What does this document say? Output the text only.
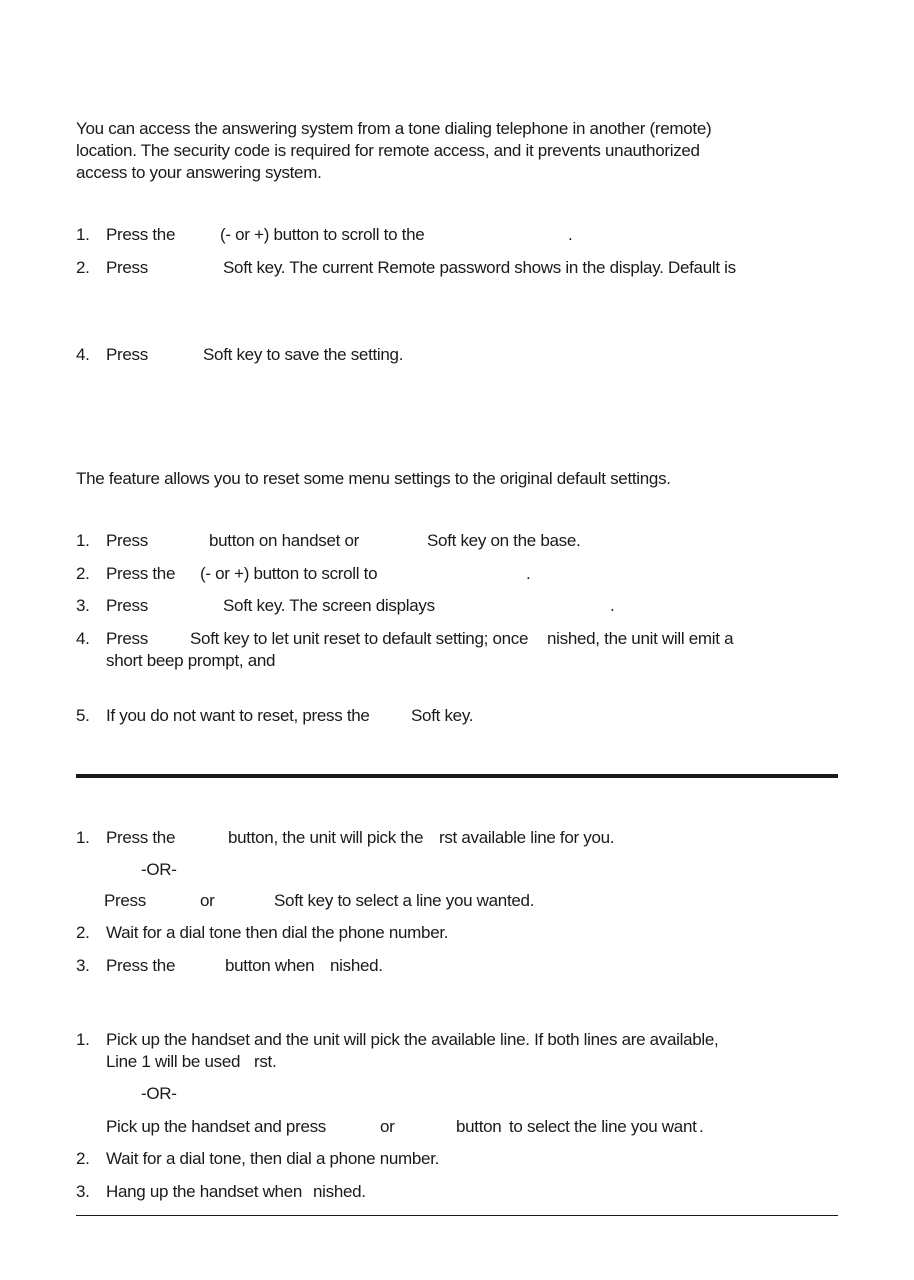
You can access the answering system from a tone dialing telephone in another (remote)
location. The security code is required for remote access, and it prevents unauthorized
access to your answering system.
1. Press the	(- or +) button to scroll to the	.
2. Press	Soft key. The current Remote password shows in the display. Default is
4. Press	Soft key to save the setting.
The feature allows you to reset some menu settings to the original default settings.
1. Press	button on handset or	Soft key on the base.
2. Press the (- or +) button to scroll to	.
3. Press	Soft key. The screen displays	.
4. Press Soft key to let unit reset to default setting; once nished, the unit will emit a
short beep prompt, and
5. If you do not want to reset, press the Soft key.
1. Press the	button, the unit will pick the rst available line for you.
-OR-
Press	or	Soft key to select a line you wanted.
2. Wait for a dial tone then dial the phone number.
3. Press the	button when nished.
1. Pick up the handset and the unit will pick the available line. If both lines are available,
Line 1 will be used rst.
-OR-
Pick up the handset and press	or	button to select the line you want .
2. Wait for a dial tone, then dial a phone number.
3. Hang up the handset when nished.
